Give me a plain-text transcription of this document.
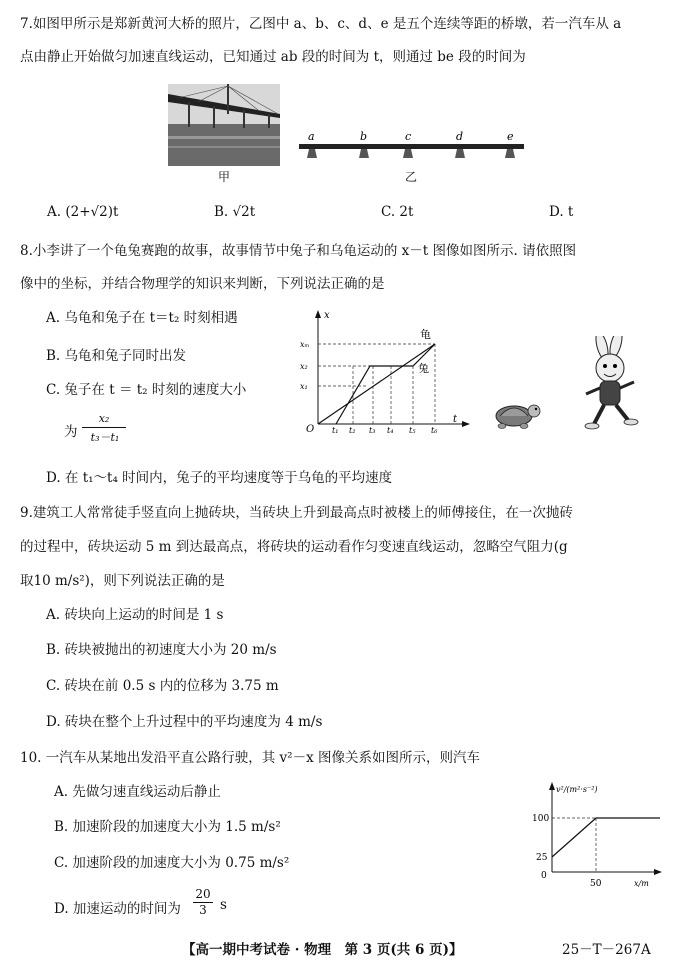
7.如图甲所示是郑新黄河大桥的照片，乙图中 a、b、c、d、e 是五个连续等距的桥墩，若一汽车从 a
点由静止开始做匀加速直线运动，已知通过 ab 段的时间为 t，则通过 be 段的时间为
甲
a	b	c	d	e
乙
A. (2+√2)t	B. √2t	C. 2t	D. t
8.小李讲了一个龟兔赛跑的故事，故事情节中兔子和乌龟运动的 x－t 图像如图所示. 请依照图
像中的坐标，并结合物理学的知识来判断，下列说法正确的是
A. 乌龟和兔子在 t＝t₂ 时刻相遇
B. 乌龟和兔子同时出发
C. 兔子在 t ＝ t₂ 时刻的速度大小
为
x₂
t₃－t₁
D. 在 t₁～t₄ 时间内，兔子的平均速度等于乌龟的平均速度
x
t
O
xₘ
x₂
x₁
t₁ t₂ t₃ t₄ t₅ t₆
龟
兔
9.建筑工人常常徒手竖直向上抛砖块，当砖块上升到最高点时被楼上的师傅接住，在一次抛砖
的过程中，砖块运动 5 m 到达最高点，将砖块的运动看作匀变速直线运动，忽略空气阻力(g
取10 m/s²)，则下列说法正确的是
A. 砖块向上运动的时间是 1 s
B. 砖块被抛出的初速度大小为 20 m/s
C. 砖块在前 0.5 s 内的位移为 3.75 m
D. 砖块在整个上升过程中的平均速度为 4 m/s
10. 一汽车从某地出发沿平直公路行驶，其 v²－x 图像关系如图所示，则汽车
A. 先做匀速直线运动后静止
B. 加速阶段的加速度大小为 1.5 m/s²
C. 加速阶段的加速度大小为 0.75 m/s²
D. 加速运动的时间为
20
3 s
v²/(m²·s⁻²)
x/m
100
25
0
50
【高一期中考试卷 · 物理　第 3 页(共 6 页)】	25－T－267A
